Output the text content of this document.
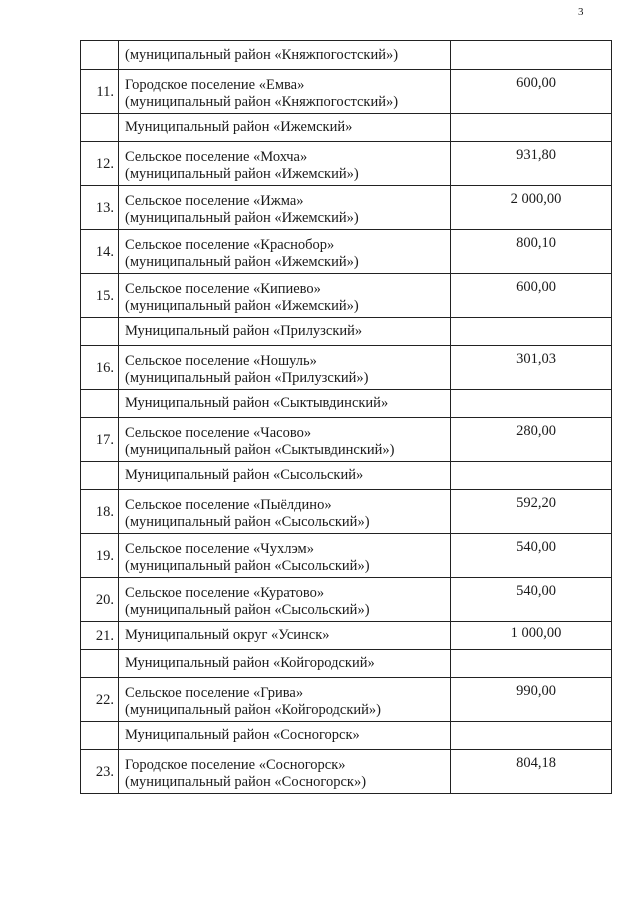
3

	(муниципальный район «Княжпогостский»)	

11.	Городское поселение «Емва»
(муниципальный район «Княжпогостский»)	600,00

	Муниципальный район «Ижемский»	

12.	Сельское поселение «Мохча»
(муниципальный район «Ижемский»)	931,80

13.	Сельское поселение «Ижма»
(муниципальный район «Ижемский»)	2 000,00

14.	Сельское поселение «Краснобор»
(муниципальный район «Ижемский»)	800,10

15.	Сельское поселение «Кипиево»
(муниципальный район «Ижемский»)	600,00

	Муниципальный район «Прилузский»	

16.	Сельское поселение «Ношуль»
(муниципальный район «Прилузский»)	301,03

	Муниципальный район «Сыктывдинский»	

17.	Сельское поселение «Часово»
(муниципальный район «Сыктывдинский»)	280,00

	Муниципальный район «Сысольский»	

18.	Сельское поселение «Пыёлдино»
(муниципальный район «Сысольский»)	592,20

19.	Сельское поселение «Чухлэм»
(муниципальный район «Сысольский»)	540,00

20.	Сельское поселение «Куратово»
(муниципальный район «Сысольский»)	540,00

21.	Муниципальный округ «Усинск»	1 000,00

	Муниципальный район «Койгородский»	

22.	Сельское поселение «Грива»
(муниципальный район «Койгородский»)	990,00

	Муниципальный район «Сосногорск»	

23.	Городское поселение «Сосногорск»
(муниципальный район «Сосногорск»)	804,18
